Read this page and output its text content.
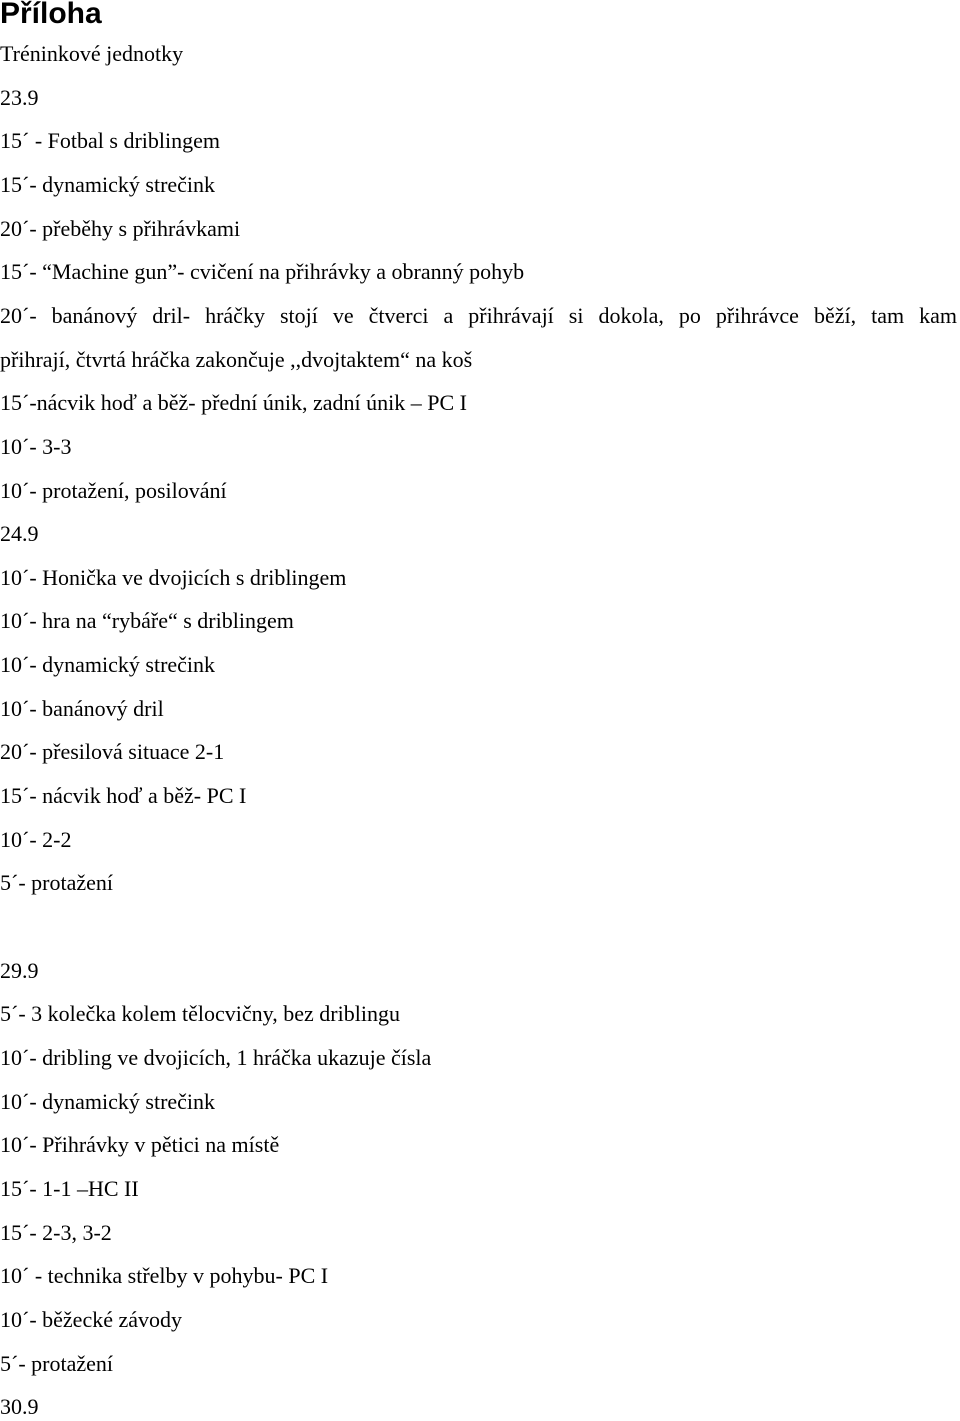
Příloha

Tréninkové jednotky

23.9

15´ - Fotbal s driblingem

15´- dynamický strečink

20´- přeběhy s přihrávkami

15´- “Machine gun”- cvičení na přihrávky a obranný pohyb

20´- banánový dril- hráčky stojí ve čtverci a přihrávají si dokola, po přihrávce běží, tam kam

přihrají, čtvrtá hráčka zakončuje ,,dvojtaktem“ na koš

15´-nácvik hoď a běž- přední únik, zadní únik – PC I

10´- 3-3

10´- protažení, posilování

24.9

10´- Honička ve dvojicích s driblingem

10´- hra na “rybáře“ s driblingem

10´- dynamický strečink

10´- banánový dril

20´- přesilová situace 2-1

15´- nácvik hoď a běž- PC I

10´- 2-2

5´- protažení

29.9

5´- 3 kolečka kolem tělocvičny, bez driblingu

10´- dribling ve dvojicích, 1 hráčka ukazuje čísla

10´- dynamický strečink

10´- Přihrávky v pětici na místě

15´- 1-1 –HC II

15´- 2-3, 3-2

10´ - technika střelby v pohybu- PC I

10´- běžecké závody

5´- protažení

30.9
